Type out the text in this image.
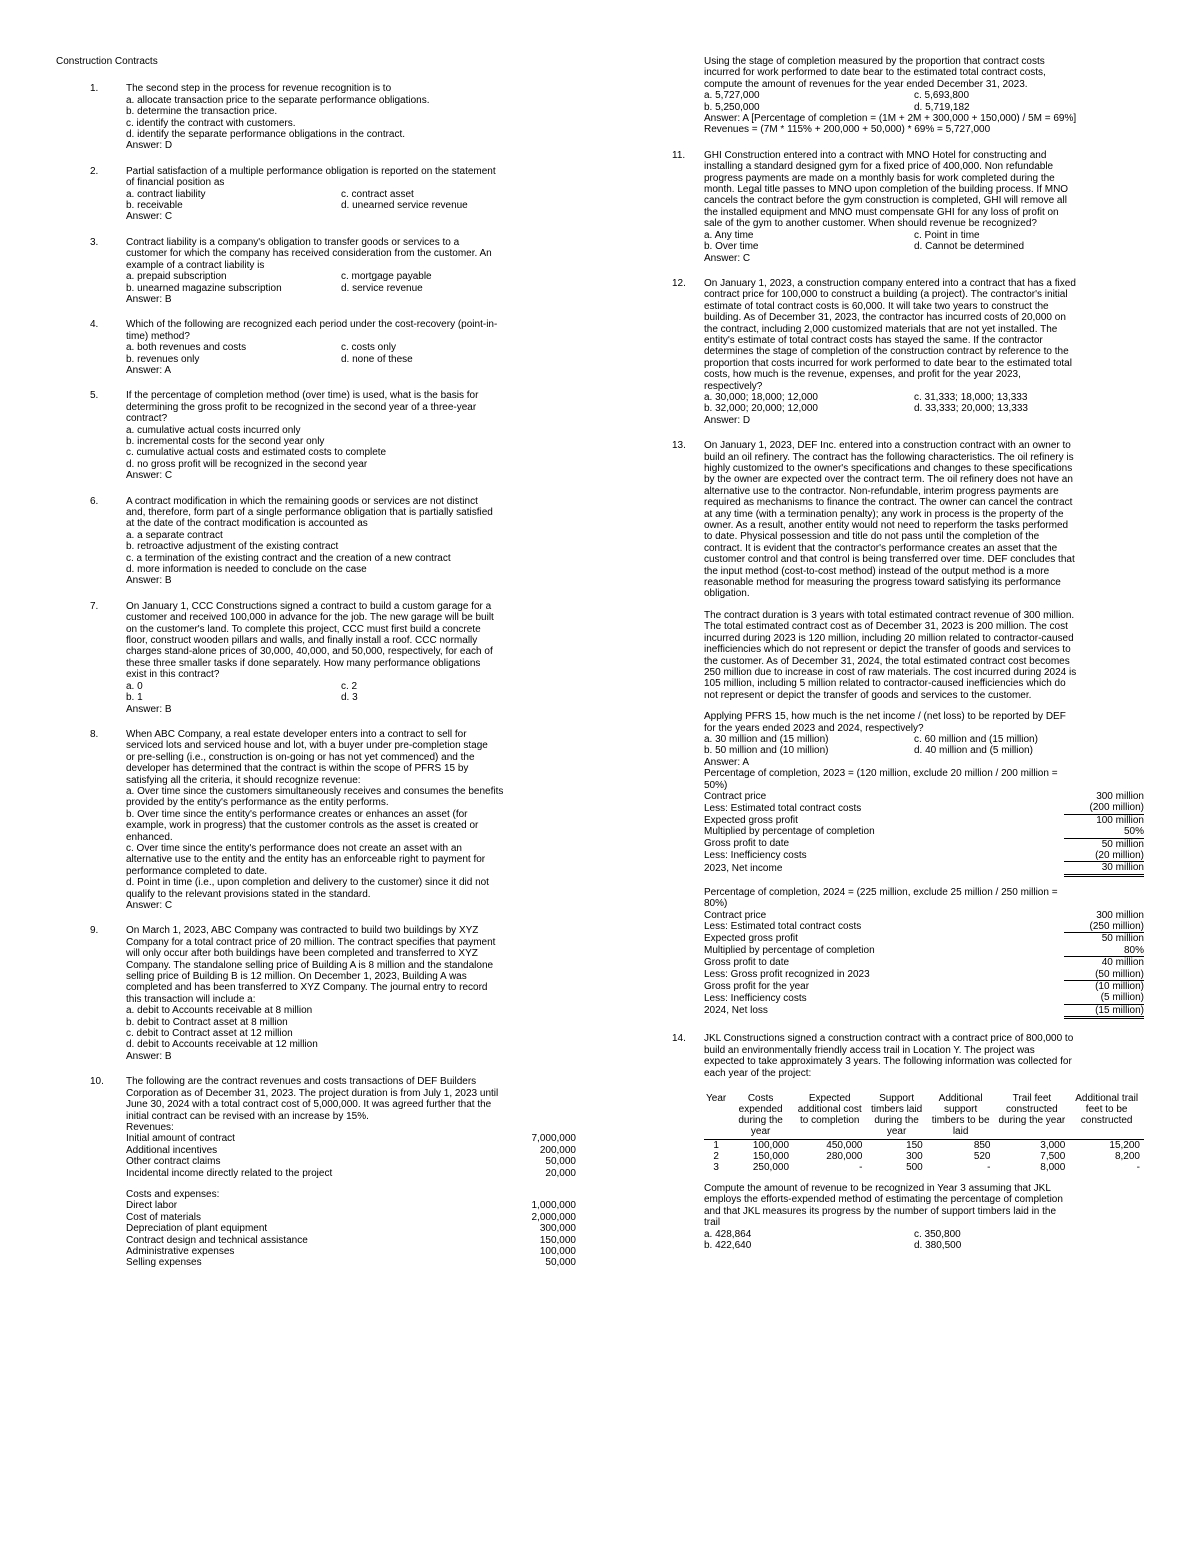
Construction Contracts
1.	The second step in the process for revenue recognition is to
a. allocate transaction price to the separate performance obligations.
b. determine the transaction price.
c. identify the contract with customers.
d. identify the separate performance obligations in the contract.
Answer: D
2.	Partial satisfaction of a multiple performance obligation is reported on the statement
of financial position as
a. contract liability	c. contract asset
b. receivable	d. unearned service revenue
Answer: C
3.	Contract liability is a company's obligation to transfer goods or services to a
customer for which the company has received consideration from the customer. An
example of a contract liability is
a. prepaid subscription	c. mortgage payable
b. unearned magazine subscription	d. service revenue
Answer: B
4.	Which of the following are recognized each period under the cost-recovery (point-in-
time) method?
a. both revenues and costs	c. costs only
b. revenues only	d. none of these
Answer: A
5.	If the percentage of completion method (over time) is used, what is the basis for
determining the gross profit to be recognized in the second year of a three-year
contract?
a. cumulative actual costs incurred only
b. incremental costs for the second year only
c. cumulative actual costs and estimated costs to complete
d. no gross profit will be recognized in the second year
Answer: C
6.	A contract modification in which the remaining goods or services are not distinct
and, therefore, form part of a single performance obligation that is partially satisfied
at the date of the contract modification is accounted as
a. a separate contract
b. retroactive adjustment of the existing contract
c. a termination of the existing contract and the creation of a new contract
d. more information is needed to conclude on the case
Answer: B
7.	On January 1, CCC Constructions signed a contract to build a custom garage for a
customer and received 100,000 in advance for the job. The new garage will be built
on the customer's land. To complete this project, CCC must first build a concrete
floor, construct wooden pillars and walls, and finally install a roof. CCC normally
charges stand-alone prices of 30,000, 40,000, and 50,000, respectively, for each of
these three smaller tasks if done separately. How many performance obligations
exist in this contract?
a. 0	c. 2
b. 1	d. 3
Answer: B
8.	When ABC Company, a real estate developer enters into a contract to sell for
serviced lots and serviced house and lot, with a buyer under pre-completion stage
or pre-selling (i.e., construction is on-going or has not yet commenced) and the
developer has determined that the contract is within the scope of PFRS 15 by
satisfying all the criteria, it should recognize revenue:
a. Over time since the customers simultaneously receives and consumes the benefits
provided by the entity's performance as the entity performs.
b. Over time since the entity's performance creates or enhances an asset (for
example, work in progress) that the customer controls as the asset is created or
enhanced.
c. Over time since the entity's performance does not create an asset with an
alternative use to the entity and the entity has an enforceable right to payment for
performance completed to date.
d. Point in time (i.e., upon completion and delivery to the customer) since it did not
qualify to the relevant provisions stated in the standard.
Answer: C
9.	On March 1, 2023, ABC Company was contracted to build two buildings by XYZ
Company for a total contract price of 20 million. The contract specifies that payment
will only occur after both buildings have been completed and transferred to XYZ
Company. The standalone selling price of Building A is 8 million and the standalone
selling price of Building B is 12 million. On December 1, 2023, Building A was
completed and has been transferred to XYZ Company. The journal entry to record
this transaction will include a:
a. debit to Accounts receivable at 8 million
b. debit to Contract asset at 8 million
c. debit to Contract asset at 12 million
d. debit to Accounts receivable at 12 million
Answer: B
10. The following are the contract revenues and costs transactions of DEF Builders
Corporation as of December 31, 2023. The project duration is from July 1, 2023 until
June 30, 2024 with a total contract cost of 5,000,000. It was agreed further that the
initial contract can be revised with an increase by 15%.
Revenues:	
Initial amount of contract	7,000,000
Additional incentives	200,000
Other contract claims	50,000
Incidental income directly related to the project	20,000

Costs and expenses:	
Direct labor	1,000,000
Cost of materials	2,000,000
Depreciation of plant equipment	300,000
Contract design and technical assistance	150,000
Administrative expenses	100,000
Selling expenses	50,000
Using the stage of completion measured by the proportion that contract costs
incurred for work performed to date bear to the estimated total contract costs,
compute the amount of revenues for the year ended December 31, 2023.
a. 5,727,000	c. 5,693,800
b. 5,250,000	d. 5,719,182
Answer: A [Percentage of completion = (1M + 2M + 300,000 + 150,000) / 5M = 69%]
Revenues = (7M * 115% + 200,000 + 50,000) * 69% = 5,727,000
11. GHI Construction entered into a contract with MNO Hotel for constructing and
installing a standard designed gym for a fixed price of 400,000. Non refundable
progress payments are made on a monthly basis for work completed during the
month. Legal title passes to MNO upon completion of the building process. If MNO
cancels the contract before the gym construction is completed, GHI will remove all
the installed equipment and MNO must compensate GHI for any loss of profit on
sale of the gym to another customer. When should revenue be recognized?
a. Any time	c. Point in time
b. Over time	d. Cannot be determined
Answer: C
12. On January 1, 2023, a construction company entered into a contract that has a fixed
contract price for 100,000 to construct a building (a project). The contractor's initial
estimate of total contract costs is 60,000. It will take two years to construct the
building. As of December 31, 2023, the contractor has incurred costs of 20,000 on
the contract, including 2,000 customized materials that are not yet installed. The
entity's estimate of total contract costs has stayed the same. If the contractor
determines the stage of completion of the construction contract by reference to the
proportion that costs incurred for work performed to date bear to the estimated total
costs, how much is the revenue, expenses, and profit for the year 2023,
respectively?
a. 30,000; 18,000; 12,000	c. 31,333; 18,000; 13,333
b. 32,000; 20,000; 12,000	d. 33,333; 20,000; 13,333
Answer: D
13. On January 1, 2023, DEF Inc. entered into a construction contract with an owner to
build an oil refinery. The contract has the following characteristics. The oil refinery is
highly customized to the owner's specifications and changes to these specifications
by the owner are expected over the contract term. The oil refinery does not have an
alternative use to the contractor. Non-refundable, interim progress payments are
required as mechanisms to finance the contract. The owner can cancel the contract
at any time (with a termination penalty); any work in process is the property of the
owner. As a result, another entity would not need to reperform the tasks performed
to date. Physical possession and title do not pass until the completion of the
contract. It is evident that the contractor's performance creates an asset that the
customer control and that control is being transferred over time. DEF concludes that
the input method (cost-to-cost method) instead of the output method is a more
reasonable method for measuring the progress toward satisfying its performance
obligation.
The contract duration is 3 years with total estimated contract revenue of 300 million.
The total estimated contract cost as of December 31, 2023 is 200 million. The cost
incurred during 2023 is 120 million, including 20 million related to contractor-caused
inefficiencies which do not represent or depict the transfer of goods and services to
the customer. As of December 31, 2024, the total estimated contract cost becomes
250 million due to increase in cost of raw materials. The cost incurred during 2024 is
105 million, including 5 million related to contractor-caused inefficiencies which do
not represent or depict the transfer of goods and services to the customer.
Applying PFRS 15, how much is the net income / (net loss) to be reported by DEF
for the years ended 2023 and 2024, respectively?
a. 30 million and (15 million)	c. 60 million and (15 million)
b. 50 million and (10 million)	d. 40 million and (5 million)
Answer: A
Percentage of completion, 2023 = (120 million, exclude 20 million / 200 million =
50%)
Contract price	300 million
Less: Estimated total contract costs	(200 million)
Expected gross profit	100 million
Multiplied by percentage of completion	50%
Gross profit to date	50 million
Less: Inefficiency costs	(20 million)
2023, Net income	30 million
Percentage of completion, 2024 = (225 million, exclude 25 million / 250 million =
80%)
Contract price	300 million
Less: Estimated total contract costs	(250 million)
Expected gross profit	50 million
Multiplied by percentage of completion	80%
Gross profit to date	40 million
Less: Gross profit recognized in 2023	(50 million)
Gross profit for the year	(10 million)
Less: Inefficiency costs	(5 million)
2024, Net loss	(15 million)
14. JKL Constructions signed a construction contract with a contract price of 800,000 to
build an environmentally friendly access trail in Location Y. The project was
expected to take approximately 3 years. The following information was collected for
each year of the project:
Year	Costs expended during the year	Expected additional cost to completion	Support timbers laid during the year	Additional support timbers to be laid	Trail feet constructed during the year	Additional trail feet to be constructed
1	100,000	450,000	150	850	3,000	15,200
2	150,000	280,000	300	520	7,500	8,200
3	250,000	-	500	-	8,000	-
Compute the amount of revenue to be recognized in Year 3 assuming that JKL
employs the efforts-expended method of estimating the percentage of completion
and that JKL measures its progress by the number of support timbers laid in the
trail
a. 428,864	c. 350,800
b. 422,640	d. 380,500
